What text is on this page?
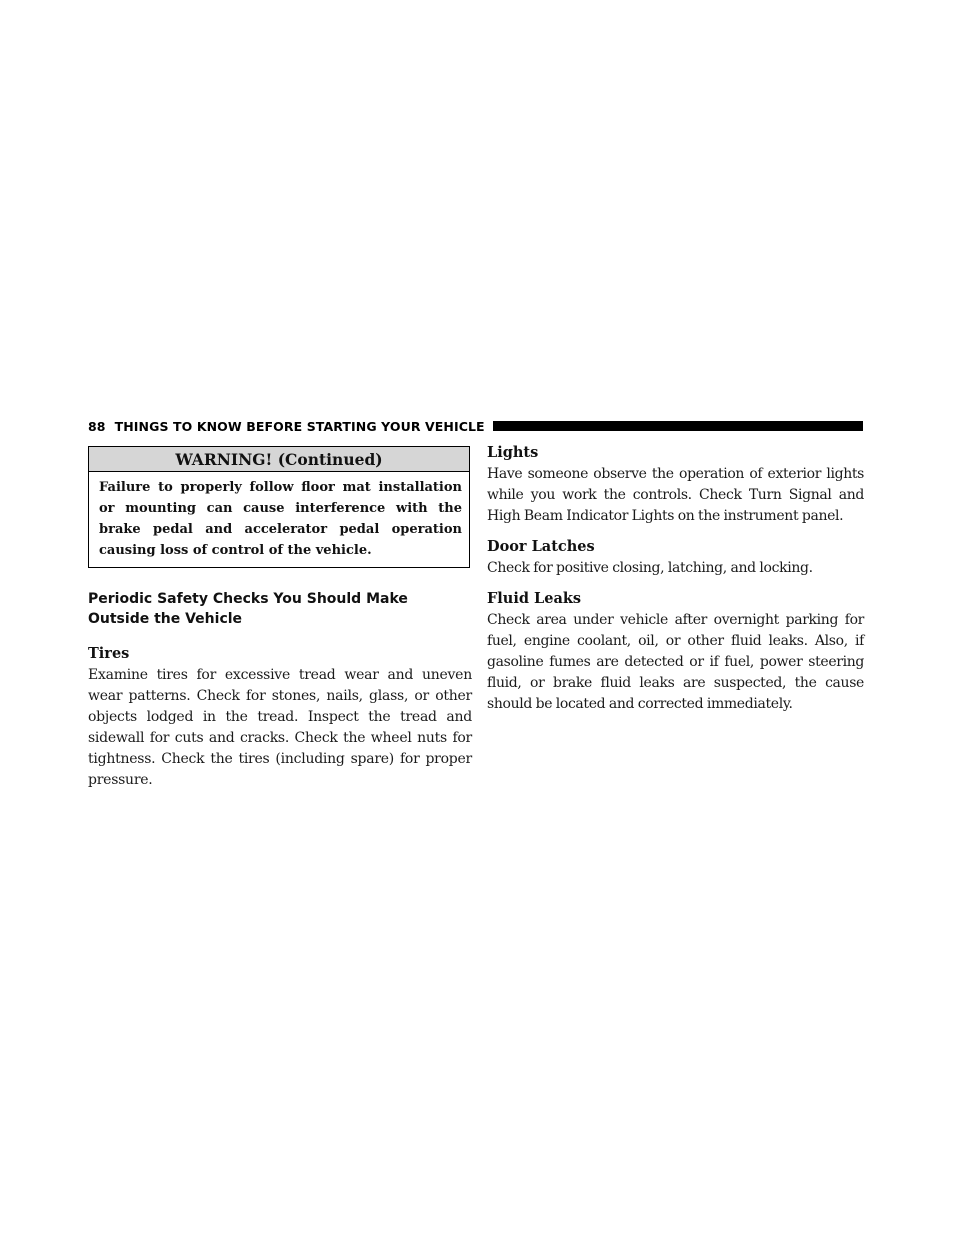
88 THINGS TO KNOW BEFORE STARTING YOUR VEHICLE
WARNING! (Continued)
Failure to properly follow floor mat installation or mounting can cause interference with the brake pedal and accelerator pedal operation causing loss of control of the vehicle.
Periodic Safety Checks You Should Make Outside the Vehicle
Tires

Examine tires for excessive tread wear and uneven wear patterns. Check for stones, nails, glass, or other objects lodged in the tread. Inspect the tread and sidewall for cuts and cracks. Check the wheel nuts for tightness. Check the tires (including spare) for proper pressure.

Lights

Have someone observe the operation of exterior lights while you work the controls. Check Turn Signal and High Beam Indicator Lights on the instrument panel.

Door Latches

Check for positive closing, latching, and locking.

Fluid Leaks

Check area under vehicle after overnight parking for fuel, engine coolant, oil, or other fluid leaks. Also, if gasoline fumes are detected or if fuel, power steering fluid, or brake fluid leaks are suspected, the cause should be located and corrected immediately.
